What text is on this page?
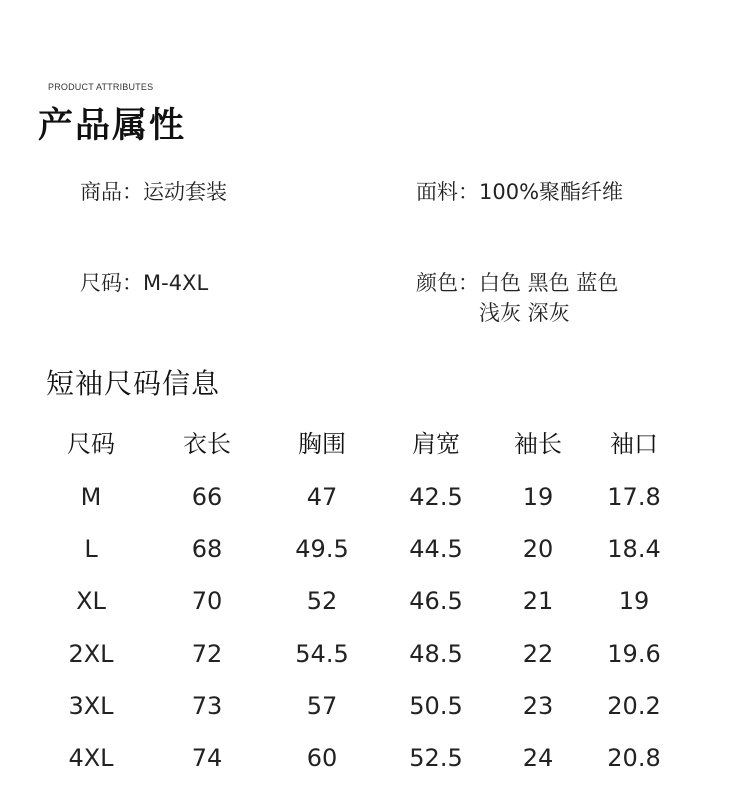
PRODUCT ATTRIBUTES
产品属性
商品：运动套装	面料：100%聚酯纤维
尺码：M-4XL	颜色： 白色 黑色 蓝色
浅灰 深灰
短袖尺码信息
尺码	衣长	胸围	肩宽	袖长	袖口
M	66	47	42.5	19	17.8
L	68	49.5	44.5	20	18.4
XL	70	52	46.5	21	19
2XL	72	54.5	48.5	22	19.6
3XL	73	57	50.5	23	20.2
4XL	74	60	52.5	24	20.8
